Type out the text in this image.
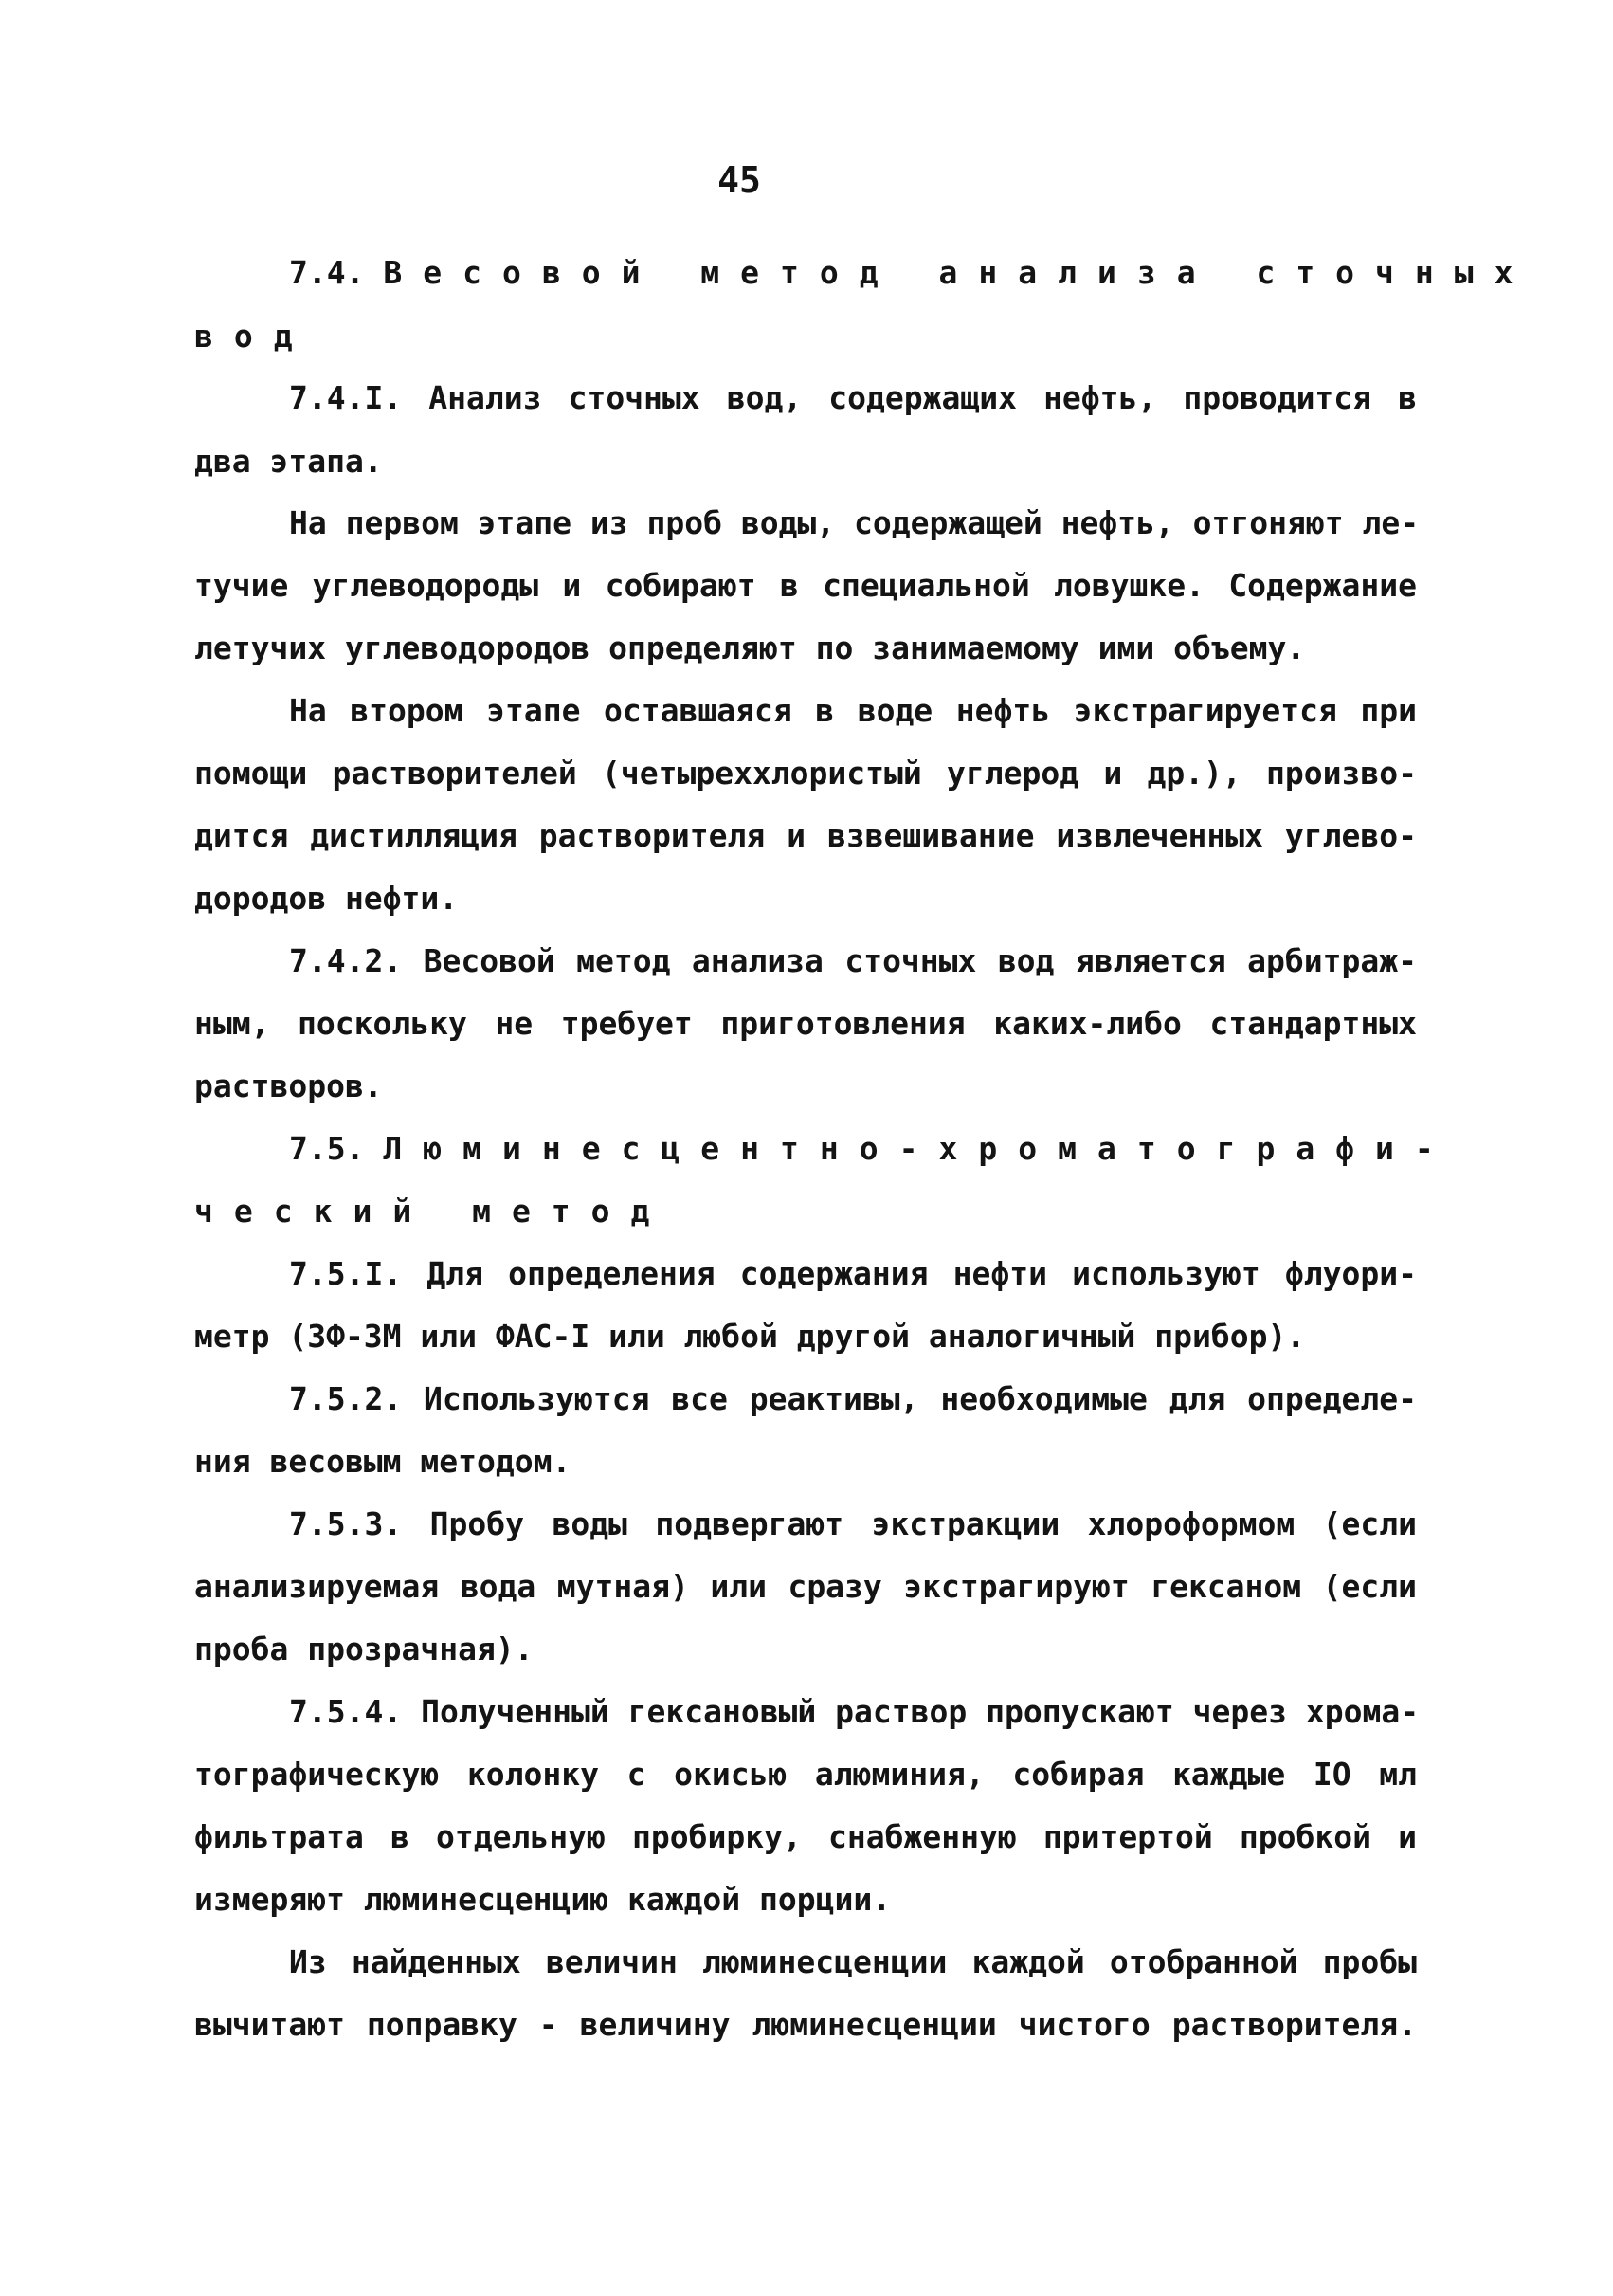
45
7.4. Весовой метод анализа сточных
вод
7.4.I. Анализ сточных вод, содержащих нефть, проводится в
два этапа.
На первом этапе из проб воды, содержащей нефть, отгоняют ле-
тучие углеводороды и собирают в специальной ловушке. Содержание
летучих углеводородов определяют по занимаемому ими объему.
На втором этапе оставшаяся в воде нефть экстрагируется при
помощи растворителей (четыреххлористый углерод и др.), произво-
дится дистилляция растворителя и взвешивание извлеченных углево-
дородов нефти.
7.4.2. Весовой метод анализа сточных вод является арбитраж-
ным, поскольку не требует приготовления каких-либо стандартных
растворов.
7.5. Люминесцентно-хроматографи-
ческий метод
7.5.I. Для определения содержания нефти используют флуори-
метр (ЗФ-ЗМ или ФАС-I или любой другой аналогичный прибор).
7.5.2. Используются все реактивы, необходимые для определе-
ния весовым методом.
7.5.3. Пробу воды подвергают экстракции хлороформом (если
анализируемая вода мутная) или сразу экстрагируют гексаном (если
проба прозрачная).
7.5.4. Полученный гексановый раствор пропускают через хрома-
тографическую колонку с окисью алюминия, собирая каждые IO мл
фильтрата в отдельную пробирку, снабженную притертой пробкой и
измеряют люминесценцию каждой порции.
Из найденных величин люминесценции каждой отобранной пробы
вычитают поправку - величину люминесценции чистого растворителя.
